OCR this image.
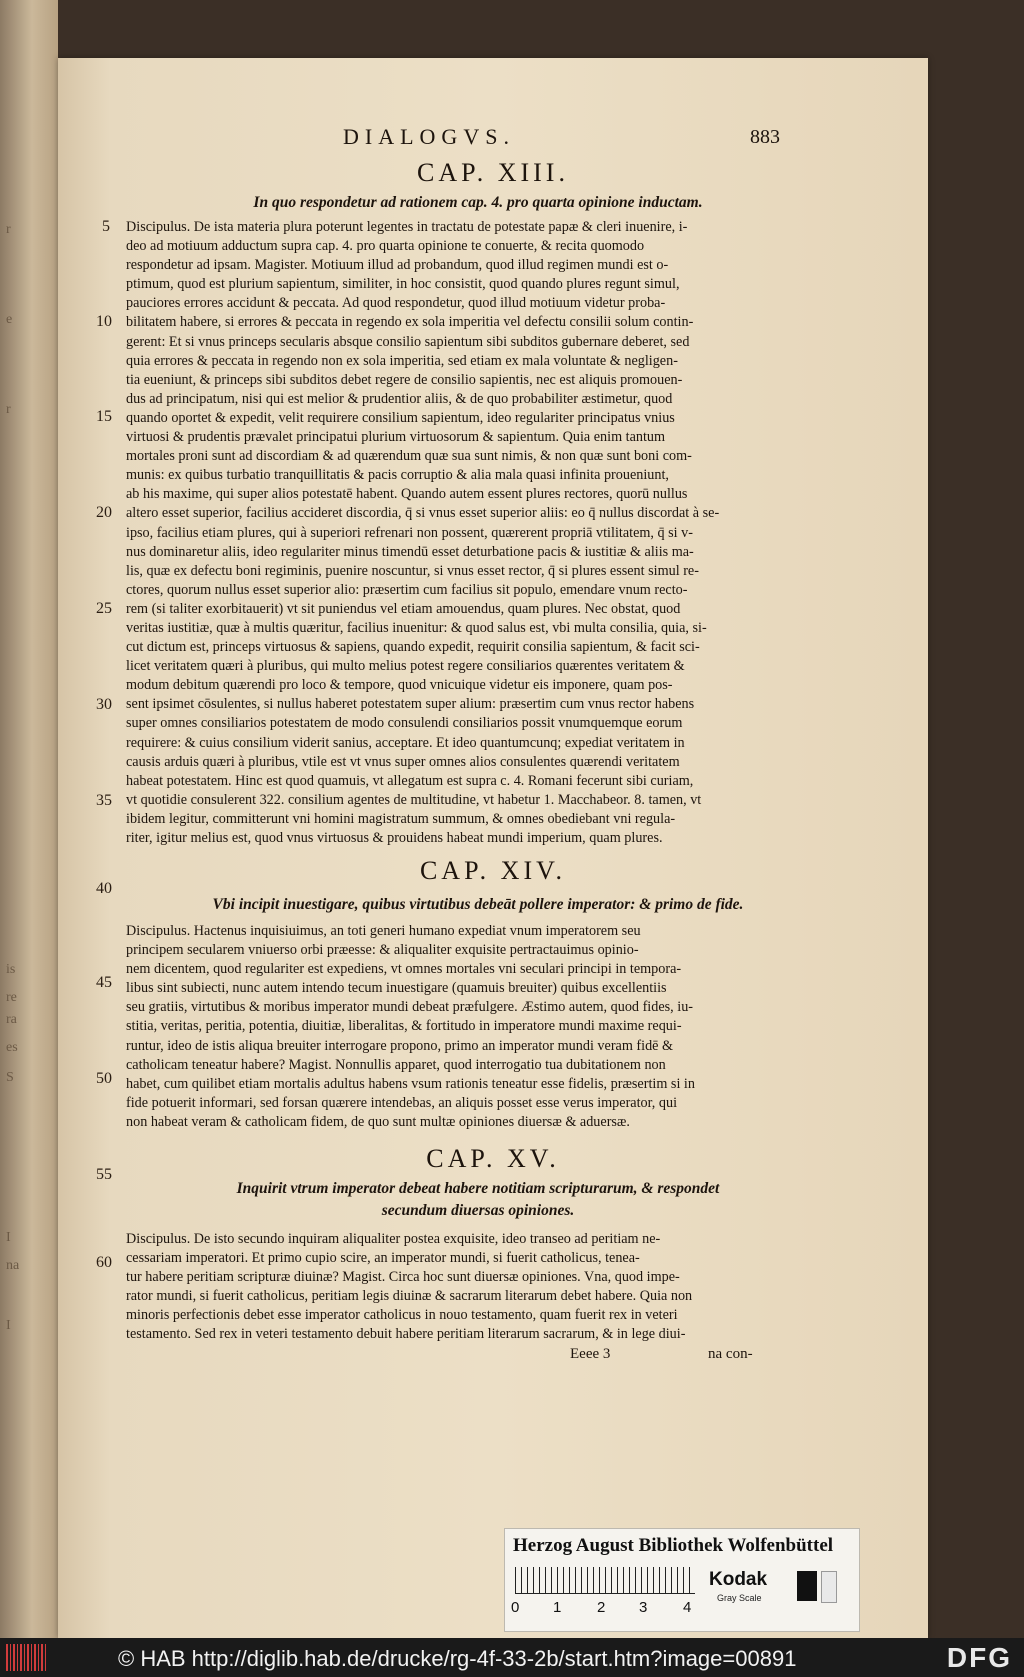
r
e
r
is
re
ra
es
S
I
na
I
DIALOGVS.	883
CAP. XIII.
In quo respondetur ad rationem cap. 4. pro quarta opinione inductam.
Discipulus. De ista materia plura poterunt legentes in tractatu de potestate papæ & cleri inuenire, i-
deo ad motiuum adductum supra cap. 4. pro quarta opinione te conuerte, & recita quomodo
respondetur ad ipsam. Magister. Motiuum illud ad probandum, quod illud regimen mundi est o-
ptimum, quod est plurium sapientum, similiter, in hoc consistit, quod quando plures regunt simul,
pauciores errores accidunt & peccata. Ad quod respondetur, quod illud motiuum videtur proba-
bilitatem habere, si errores & peccata in regendo ex sola imperitia vel defectu consilii solum contin-
gerent: Et si vnus princeps secularis absque consilio sapientum sibi subditos gubernare deberet, sed
quia errores & peccata in regendo non ex sola imperitia, sed etiam ex mala voluntate & negligen-
tia eueniunt, & princeps sibi subditos debet regere de consilio sapientis, nec est aliquis promouen-
dus ad principatum, nisi qui est melior & prudentior aliis, & de quo probabiliter æstimetur, quod
quando oportet & expedit, velit requirere consilium sapientum, ideo regulariter principatus vnius
virtuosi & prudentis prævalet principatui plurium virtuosorum & sapientum. Quia enim tantum
mortales proni sunt ad discordiam & ad quærendum quæ sua sunt nimis, & non quæ sunt boni com-
munis: ex quibus turbatio tranquillitatis & pacis corruptio & alia mala quasi infinita proueniunt,
ab his maxime, qui super alios potestatē habent. Quando autem essent plures rectores, quorū nullus
altero esset superior, facilius accideret discordia, q̄ si vnus esset superior aliis: eo q̄ nullus discordat à se-
ipso, facilius etiam plures, qui à superiori refrenari non possent, quærerent propriā vtilitatem, q̄ si v-
nus dominaretur aliis, ideo regulariter minus timendū esset deturbatione pacis & iustitiæ & aliis ma-
lis, quæ ex defectu boni regiminis, puenire noscuntur, si vnus esset rector, q̄ si plures essent simul re-
ctores, quorum nullus esset superior alio: præsertim cum facilius sit populo, emendare vnum recto-
rem (si taliter exorbitauerit) vt sit puniendus vel etiam amouendus, quam plures. Nec obstat, quod
veritas iustitiæ, quæ à multis quæritur, facilius inuenitur: & quod salus est, vbi multa consilia, quia, si-
cut dictum est, princeps virtuosus & sapiens, quando expedit, requirit consilia sapientum, & facit sci-
licet veritatem quæri à pluribus, qui multo melius potest regere consiliarios quærentes veritatem &
modum debitum quærendi pro loco & tempore, quod vnicuique videtur eis imponere, quam pos-
sent ipsimet cōsulentes, si nullus haberet potestatem super alium: præsertim cum vnus rector habens
super omnes consiliarios potestatem de modo consulendi consiliarios possit vnumquemque eorum
requirere: & cuius consilium viderit sanius, acceptare. Et ideo quantumcunq; expediat veritatem in
causis arduis quæri à pluribus, vtile est vt vnus super omnes alios consulentes quærendi veritatem
habeat potestatem. Hinc est quod quamuis, vt allegatum est supra c. 4. Romani fecerunt sibi curiam,
vt quotidie consulerent 322. consilium agentes de multitudine, vt habetur 1. Macchabeor. 8. tamen, vt
ibidem legitur, committerunt vni homini magistratum summum, & omnes obediebant vni regula-
riter, igitur melius est, quod vnus virtuosus & prouidens habeat mundi imperium, quam plures.
CAP. XIV.
Vbi incipit inuestigare, quibus virtutibus debeāt pollere imperator: & primo de fide.
Discipulus. Hactenus inquisiuimus, an toti generi humano expediat vnum imperatorem seu
principem secularem vniuerso orbi præesse: & aliqualiter exquisite pertractauimus opinio-
nem dicentem, quod regulariter est expediens, vt omnes mortales vni seculari principi in tempora-
libus sint subiecti, nunc autem intendo tecum inuestigare (quamuis breuiter) quibus excellentiis
seu gratiis, virtutibus & moribus imperator mundi debeat præfulgere. Æstimo autem, quod fides, iu-
stitia, veritas, peritia, potentia, diuitiæ, liberalitas, & fortitudo in imperatore mundi maxime requi-
runtur, ideo de istis aliqua breuiter interrogare propono, primo an imperator mundi veram fidē &
catholicam teneatur habere? Magist. Nonnullis apparet, quod interrogatio tua dubitationem non
habet, cum quilibet etiam mortalis adultus habens vsum rationis teneatur esse fidelis, præsertim si in
fide potuerit informari, sed forsan quærere intendebas, an aliquis posset esse verus imperator, qui
non habeat veram & catholicam fidem, de quo sunt multæ opiniones diuersæ & aduersæ.
CAP. XV.
Inquirit vtrum imperator debeat habere notitiam scripturarum, & respondet
secundum diuersas opiniones.
Discipulus. De isto secundo inquiram aliqualiter postea exquisite, ideo transeo ad peritiam ne-
cessariam imperatori. Et primo cupio scire, an imperator mundi, si fuerit catholicus, tenea-
tur habere peritiam scripturæ diuinæ? Magist. Circa hoc sunt diuersæ opiniones. Vna, quod impe-
rator mundi, si fuerit catholicus, peritiam legis diuinæ & sacrarum literarum debet habere. Quia non
minoris perfectionis debet esse imperator catholicus in nouo testamento, quam fuerit rex in veteri
testamento. Sed rex in veteri testamento debuit habere peritiam literarum sacrarum, & in lege diui-
5
10
15
20
25
30
35
40
45
50
55
60
Eeee 3	na con-
Herzog August Bibliothek Wolfenbüttel
0 1 2 3 4
Kodak
Gray Scale
© HAB http://diglib.hab.de/drucke/rg-4f-33-2b/start.htm?image=00891	DFG
